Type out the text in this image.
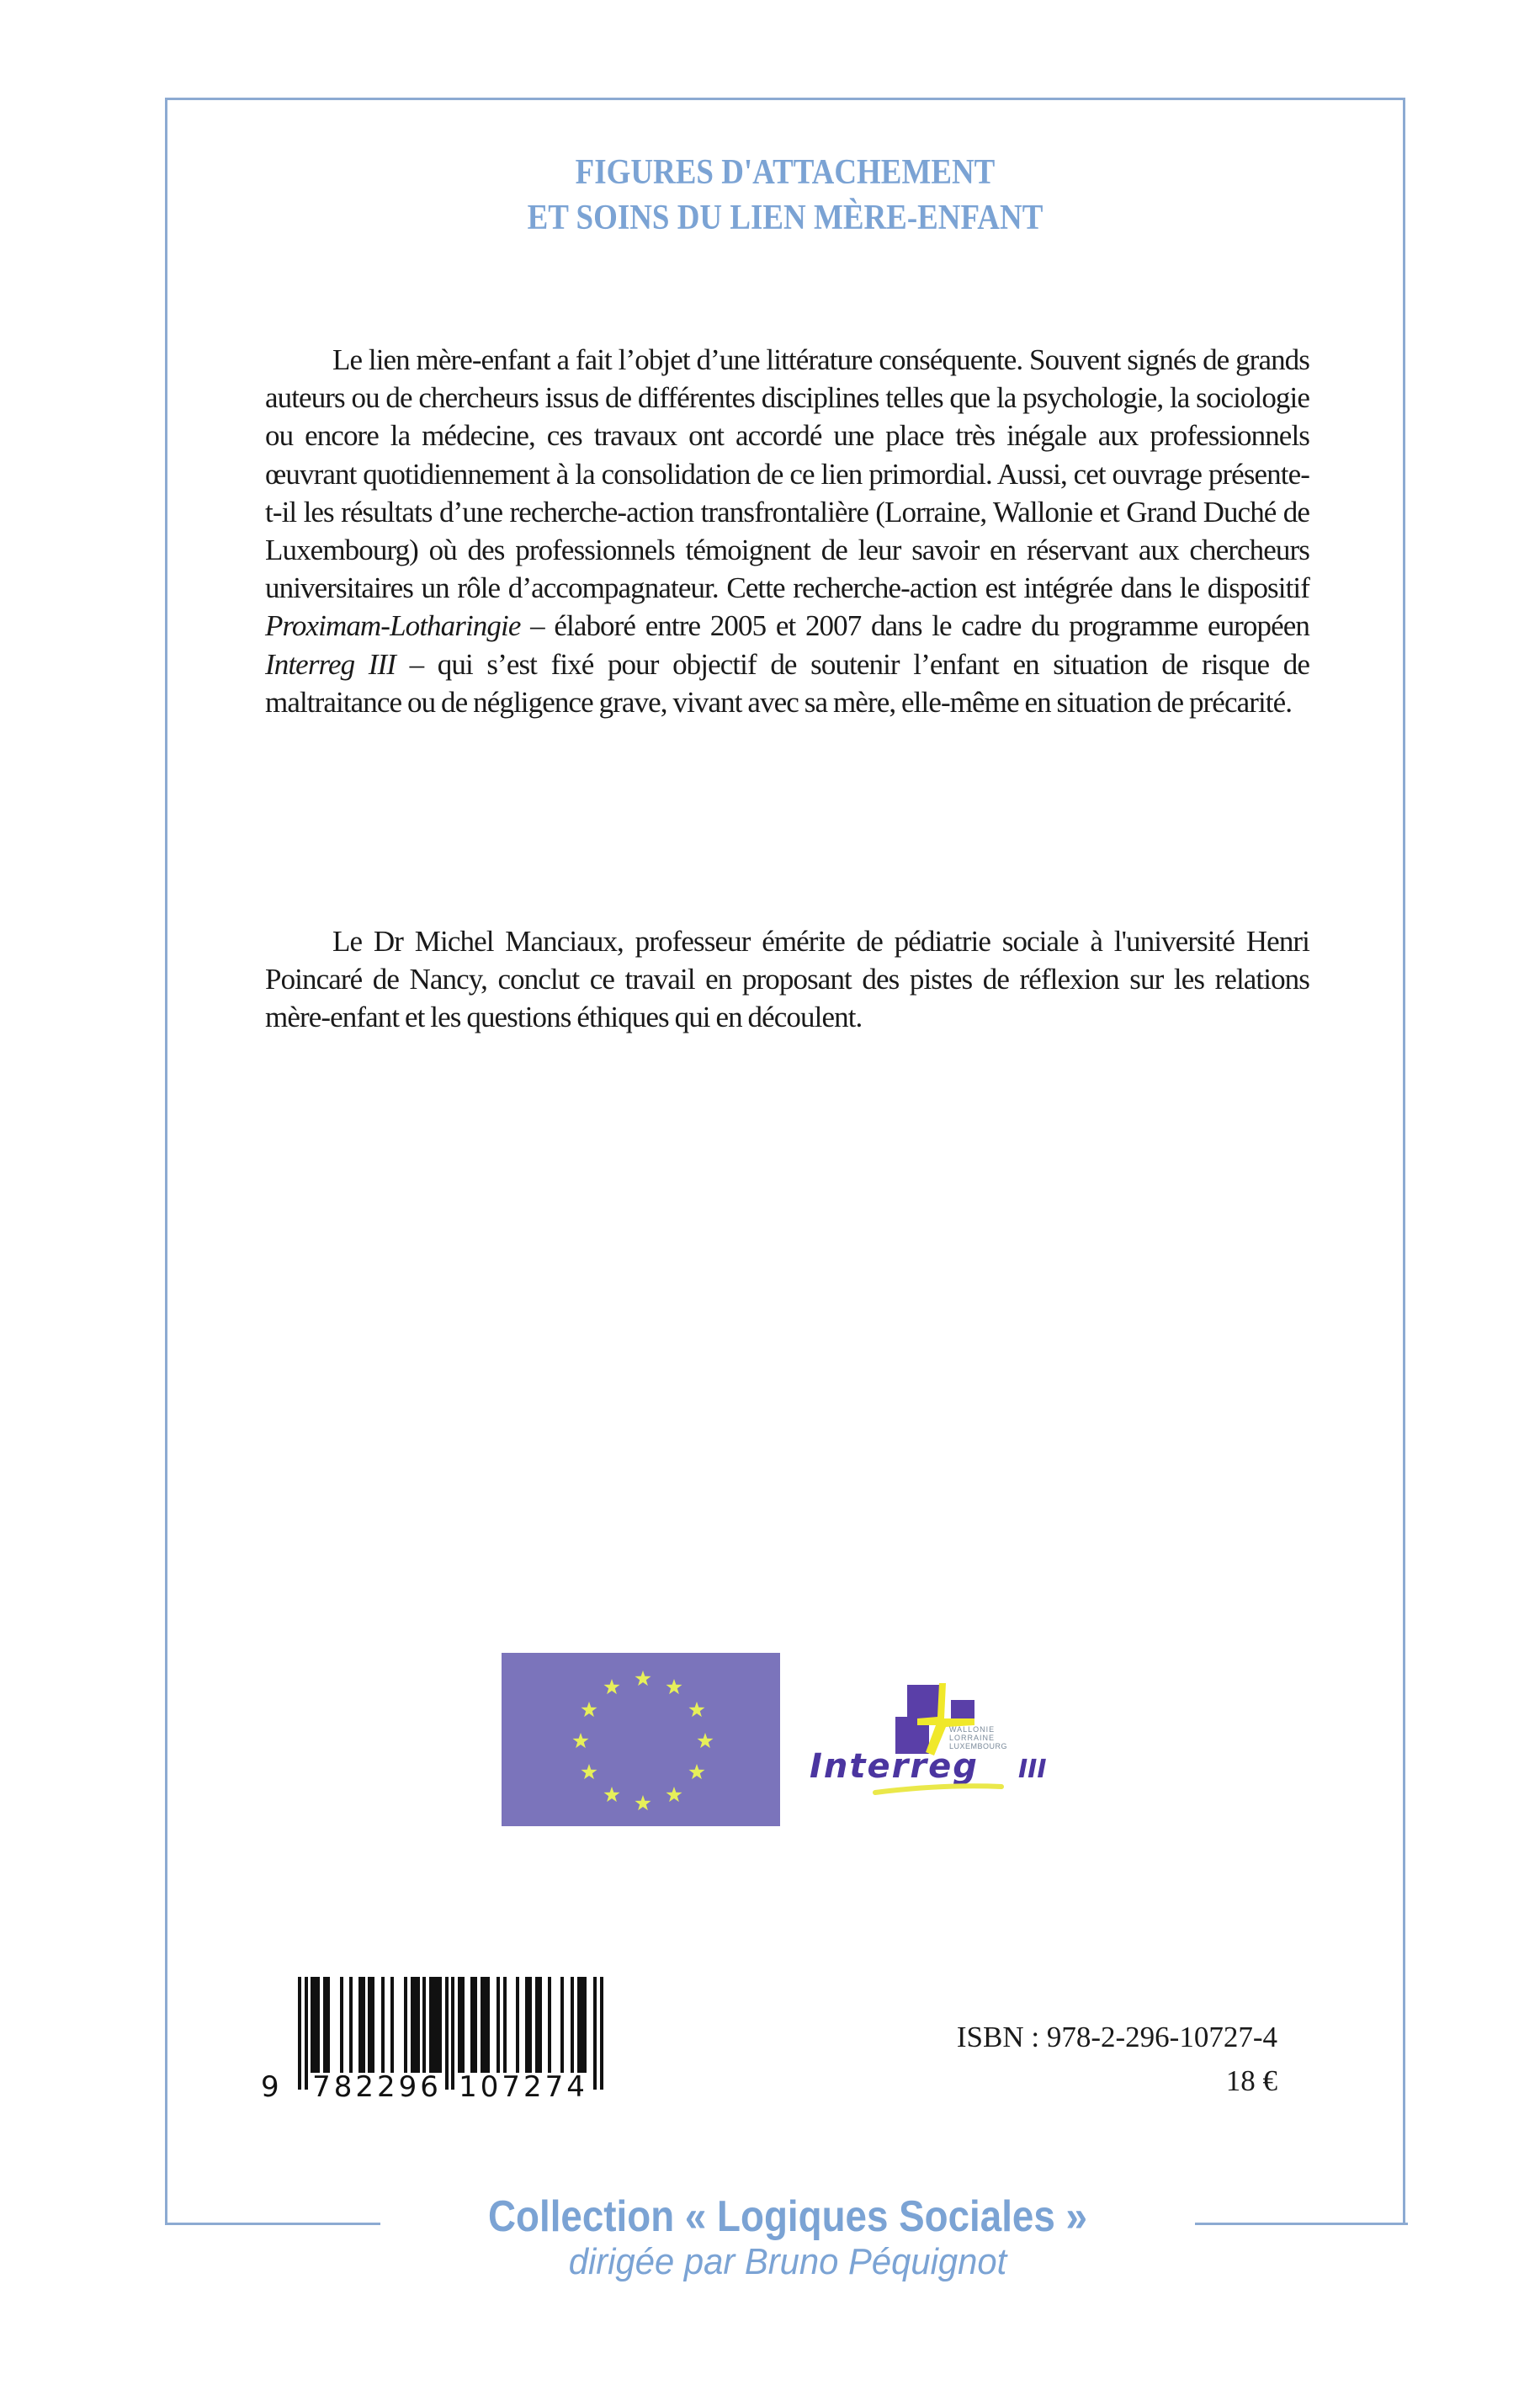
FIGURES D'ATTACHEMENT
ET SOINS DU LIEN MÈRE-ENFANT

Le lien mère-enfant a fait l’objet d’une littérature conséquente. Souvent signés de grands auteurs ou de chercheurs issus de différentes disciplines telles que la psychologie, la sociologie ou encore la médecine, ces travaux ont accordé une place très inégale aux professionnels œuvrant quotidiennement à la consolidation de ce lien primordial. Aussi, cet ouvrage présente-t-il les résultats d’une recherche-action transfrontalière (Lorraine, Wallonie et Grand Duché de Luxembourg) où des professionnels témoignent de leur savoir en réservant aux chercheurs universitaires un rôle d’accompagnateur. Cette recherche-action est intégrée dans le dispositif Proximam-Lotharingie – élaboré entre 2005 et 2007 dans le cadre du programme européen Interreg III – qui s’est fixé pour objectif de soutenir l’enfant en situation de risque de maltraitance ou de négligence grave, vivant avec sa mère, elle-même en situation de précarité.

Le Dr Michel Manciaux, professeur émérite de pédiatrie sociale à l'université Henri Poincaré de Nancy, conclut ce travail en proposant des pistes de réflexion sur les relations mère-enfant et les questions éthiques qui en découlent.

WALLONIE
LORRAINE
LUXEMBOURG
Interreg III
9 782296 107274
ISBN : 978-2-296-10727-4
18 €
Collection « Logiques Sociales »
dirigée par Bruno Péquignot
